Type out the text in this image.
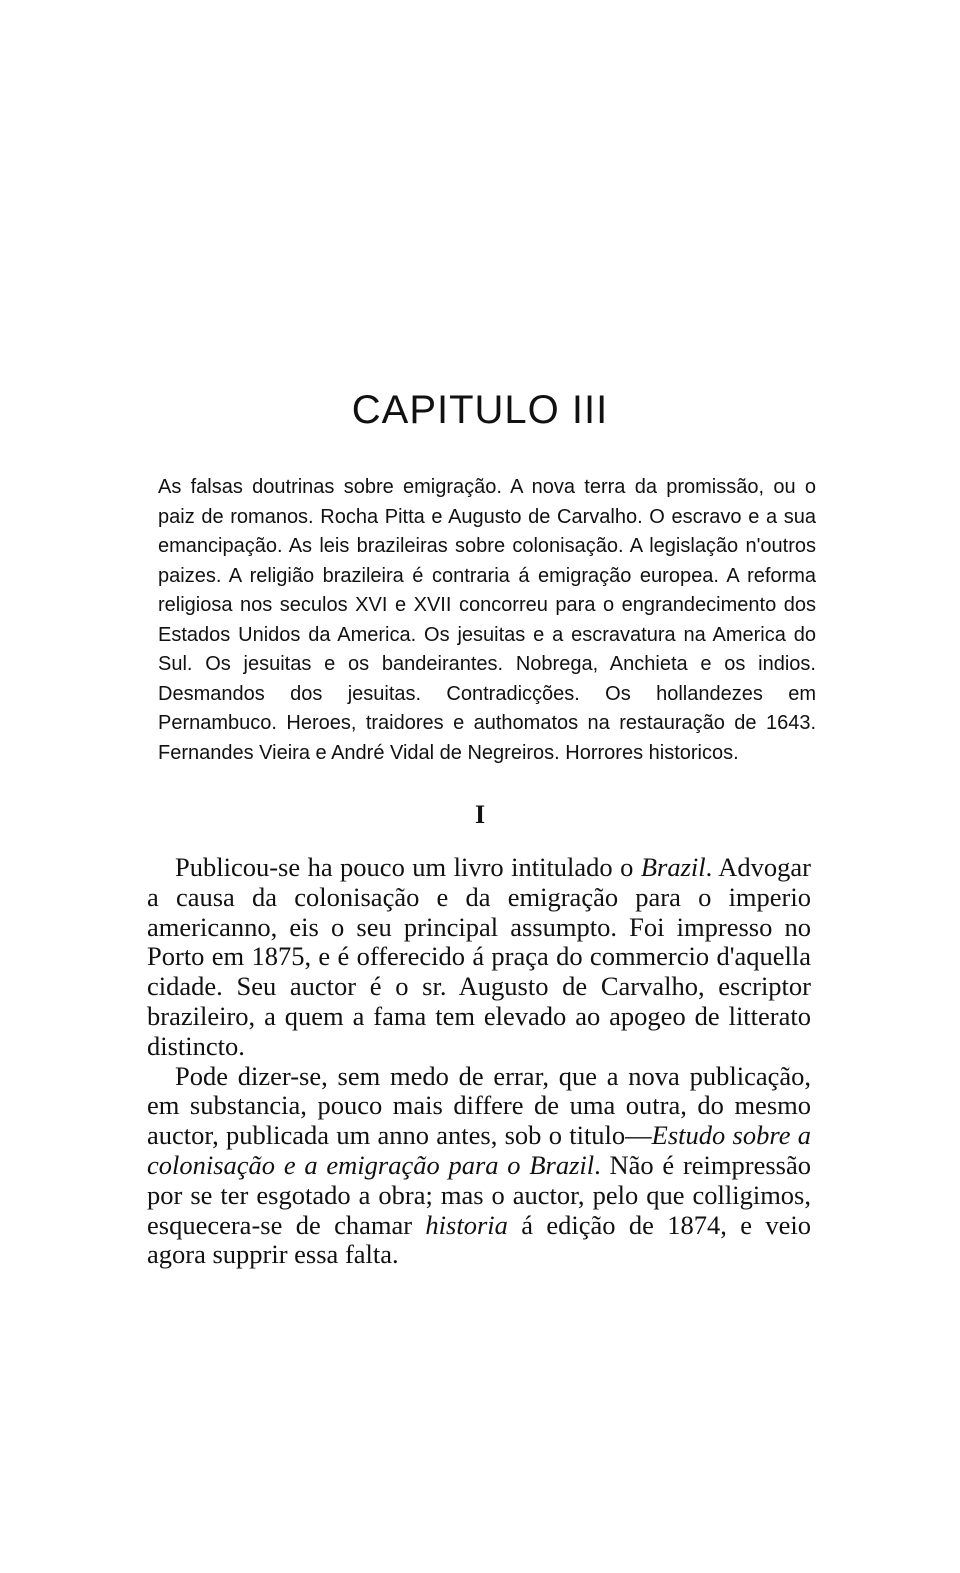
CAPITULO III

As falsas doutrinas sobre emigração. A nova terra da promissão, ou o paiz de romanos. Rocha Pitta e Augusto de Carvalho. O escravo e a sua emancipação. As leis brazileiras sobre colonisação. A legislação n'outros paizes. A religião brazileira é contraria á emigração europea. A reforma religiosa nos seculos XVI e XVII concorreu para o engrandecimento dos Estados Unidos da America. Os jesuitas e a escravatura na America do Sul. Os jesuitas e os bandeirantes. Nobrega, Anchieta e os indios. Desmandos dos jesuitas. Contradicções. Os hollandezes em Pernambuco. Heroes, traidores e authomatos na restauração de 1643. Fernandes Vieira e André Vidal de Negreiros. Horrores historicos.

I

Publicou-se ha pouco um livro intitulado o Brazil. Advogar a causa da colonisação e da emigração para o imperio americanno, eis o seu principal assumpto. Foi impresso no Porto em 1875, e é offerecido á praça do commercio d'aquella cidade. Seu auctor é o sr. Augusto de Carvalho, escriptor brazileiro, a quem a fama tem elevado ao apogeo de litterato distincto.

Pode dizer-se, sem medo de errar, que a nova publicação, em substancia, pouco mais differe de uma outra, do mesmo auctor, publicada um anno antes, sob o titulo—Estudo sobre a colonisação e a emigração para o Brazil. Não é reimpressão por se ter esgotado a obra; mas o auctor, pelo que colligimos, esquecera-se de chamar historia á edição de 1874, e veio agora supprir essa falta.
